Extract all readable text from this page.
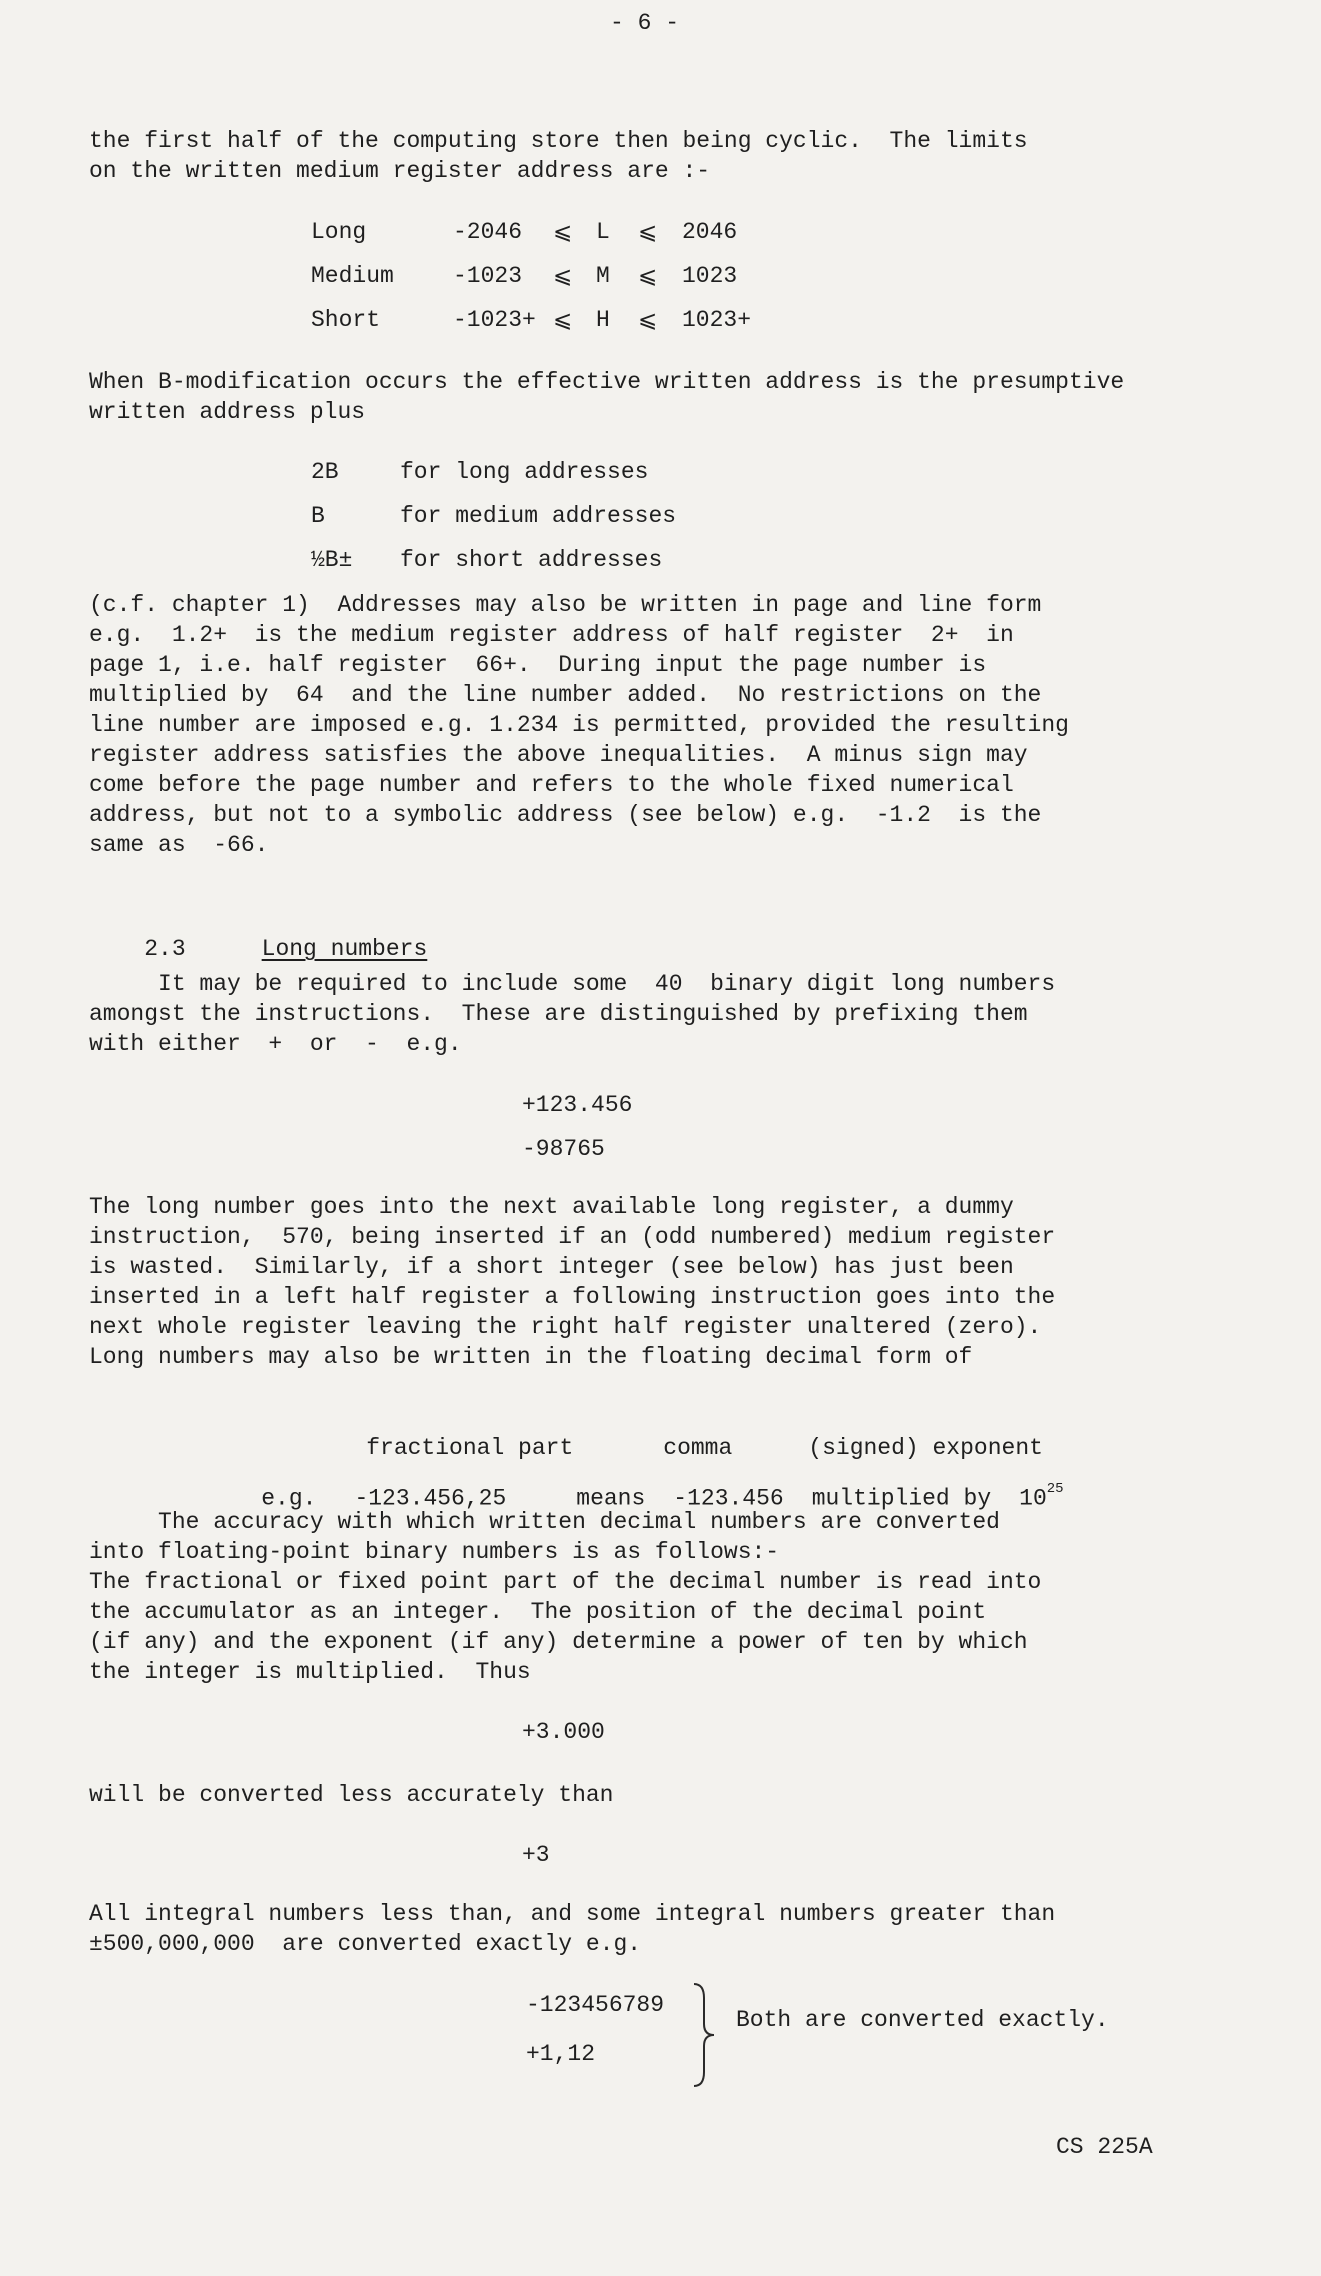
- 6 -
the first half of the computing store then being cyclic.  The limits
on the written medium register address are :-
Long	-2046	⩽	L	⩽	2046
Medium	-1023	⩽	M	⩽	1023
Short	-1023+	⩽	H	⩽	1023+
When B-modification occurs the effective written address is the presumptive
written address plus
2B	for long addresses
B	for medium addresses
½B±	for short addresses
(c.f. chapter 1)  Addresses may also be written in page and line form
e.g.  1.2+  is the medium register address of half register  2+  in
page 1, i.e. half register  66+.  During input the page number is
multiplied by  64  and the line number added.  No restrictions on the
line number are imposed e.g. 1.234 is permitted, provided the resulting
register address satisfies the above inequalities.  A minus sign may
come before the page number and refers to the whole fixed numerical
address, but not to a symbolic address (see below) e.g.  -1.2  is the
same as  -66.

2.3	Long numbers

It may be required to include some  40  binary digit long numbers
amongst the instructions.  These are distinguished by prefixing them
with either  +  or  -  e.g.
+123.456
-98765
The long number goes into the next available long register, a dummy
instruction,  570, being inserted if an (odd numbered) medium register
is wasted.  Similarly, if a short integer (see below) has just been
inserted in a left half register a following instruction goes into the
next whole register leaving the right half register unaltered (zero).
Long numbers may also be written in the floating decimal form of

fractional part	comma	(signed) exponent

e.g. -123.456,25	means -123.456 multiplied by $10^{25}$

The accuracy with which written decimal numbers are converted
into floating-point binary numbers is as follows:-
The fractional or fixed point part of the decimal number is read into
the accumulator as an integer.  The position of the decimal point
(if any) and the exponent (if any) determine a power of ten by which
the integer is multiplied.  Thus
+3.000
will be converted less accurately than
+3
All integral numbers less than, and some integral numbers greater than
±500,000,000  are converted exactly e.g.
-123456789
+1,12
Both are converted exactly.
CS 225A
